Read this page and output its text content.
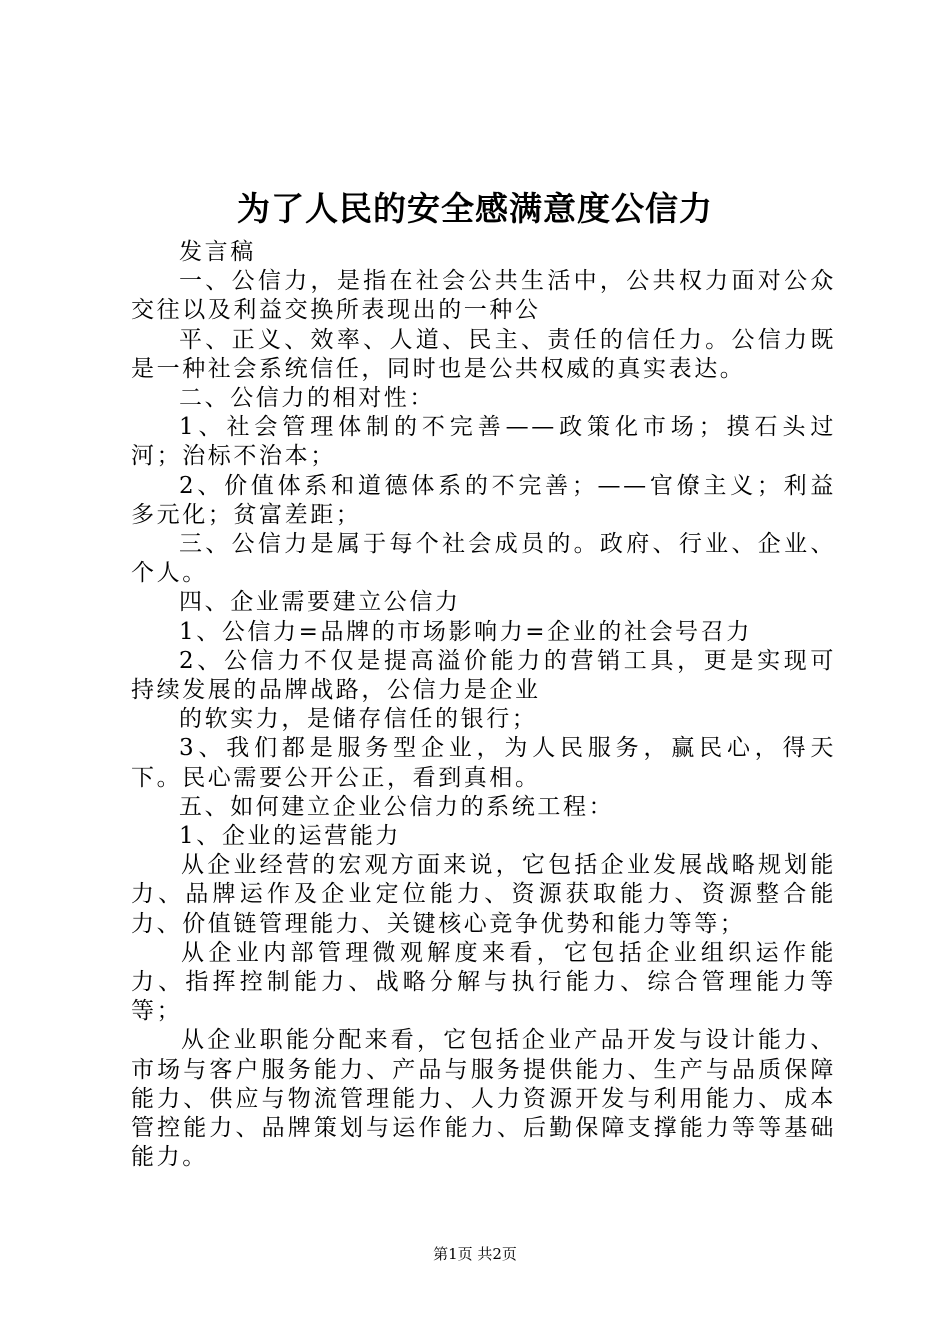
为了人民的安全感满意度公信力

发言稿

一、公信力，是指在社会公共生活中，公共权力面对公众交往以及利益交换所表现出的一种公

平、正义、效率、人道、民主、责任的信任力。公信力既是一种社会系统信任，同时也是公共权威的真实表达。

二、公信力的相对性：

1、社会管理体制的不完善——政策化市场；摸石头过河；治标不治本；

2、价值体系和道德体系的不完善；——官僚主义；利益多元化；贫富差距；

三、公信力是属于每个社会成员的。政府、行业、企业、个人。

四、企业需要建立公信力

1、公信力=品牌的市场影响力=企业的社会号召力

2、公信力不仅是提高溢价能力的营销工具，更是实现可持续发展的品牌战路，公信力是企业

的软实力，是储存信任的银行；

3、我们都是服务型企业，为人民服务，赢民心，得天下。民心需要公开公正，看到真相。

五、如何建立企业公信力的系统工程：

1、企业的运营能力

从企业经营的宏观方面来说，它包括企业发展战略规划能力、品牌运作及企业定位能力、资源获取能力、资源整合能力、价值链管理能力、关键核心竞争优势和能力等等；

从企业内部管理微观解度来看，它包括企业组织运作能力、指挥控制能力、战略分解与执行能力、综合管理能力等等；

从企业职能分配来看，它包括企业产品开发与设计能力、市场与客户服务能力、产品与服务提供能力、生产与品质保障能力、供应与物流管理能力、人力资源开发与利用能力、成本管控能力、品牌策划与运作能力、后勤保障支撑能力等等基础能力。

第1页 共2页
